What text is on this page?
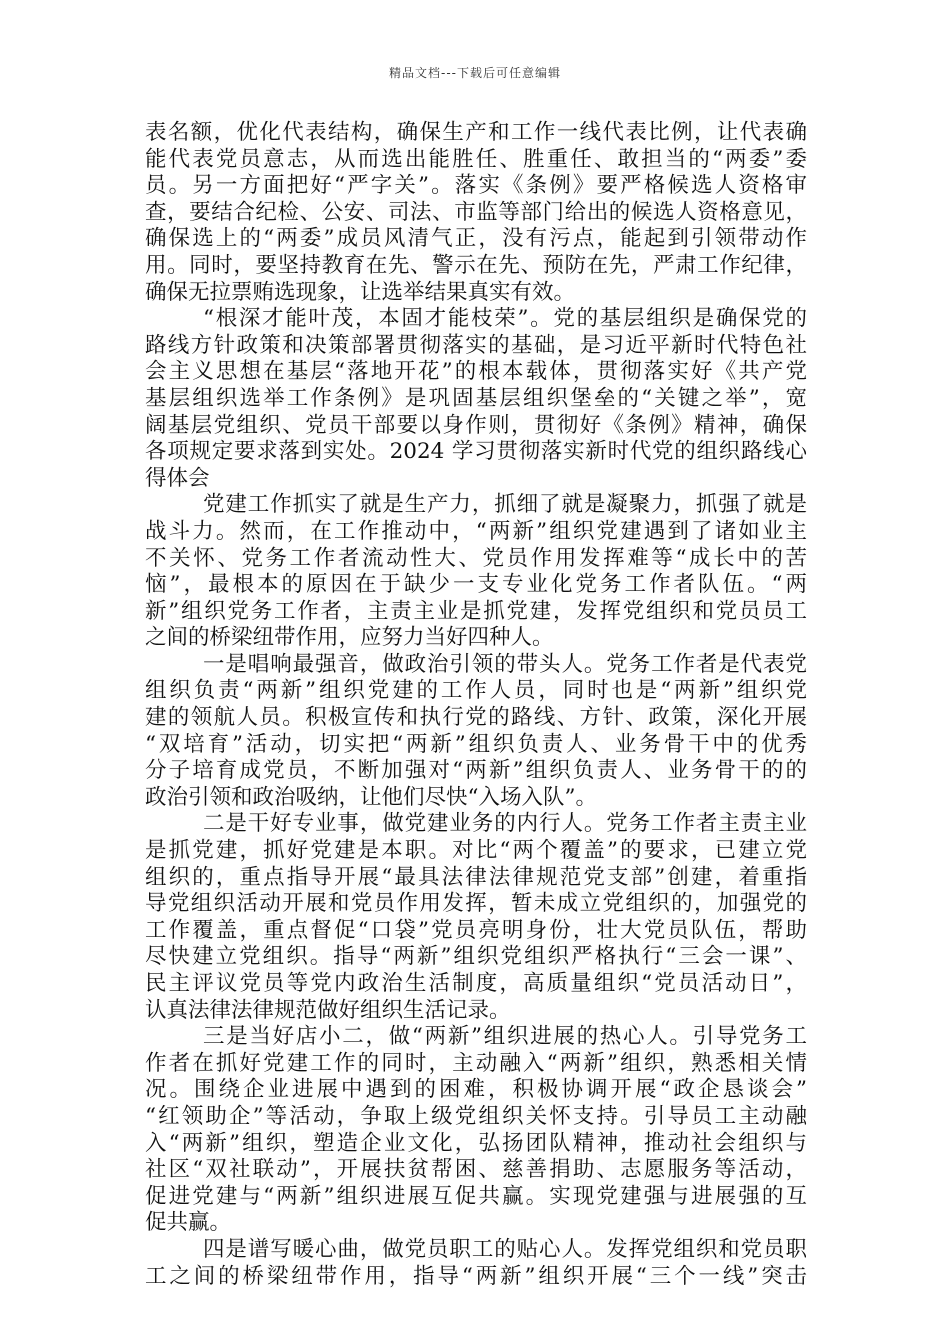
精品文档---下载后可任意编辑
表名额，优化代表结构，确保生产和工作一线代表比例，让代表确
能代表党员意志，从而选出能胜任、胜重任、敢担当的“两委”委
员。另一方面把好“严字关”。落实《条例》要严格候选人资格审
查，要结合纪检、公安、司法、市监等部门给出的候选人资格意见，
确保选上的“两委”成员风清气正，没有污点，能起到引领带动作
用。同时，要坚持教育在先、警示在先、预防在先，严肃工作纪律，
确保无拉票贿选现象，让选举结果真实有效。
“根深才能叶茂，本固才能枝荣”。党的基层组织是确保党的
路线方针政策和决策部署贯彻落实的基础，是习近平新时代特色社
会主义思想在基层“落地开花”的根本载体，贯彻落实好《共产党
基层组织选举工作条例》是巩固基层组织堡垒的“关键之举”，宽
阔基层党组织、党员干部要以身作则，贯彻好《条例》精神，确保
各项规定要求落到实处。2024 学习贯彻落实新时代党的组织路线心
得体会
党建工作抓实了就是生产力，抓细了就是凝聚力，抓强了就是
战斗力。然而，在工作推动中，“两新”组织党建遇到了诸如业主
不关怀、党务工作者流动性大、党员作用发挥难等“成长中的苦
恼”，最根本的原因在于缺少一支专业化党务工作者队伍。“两
新”组织党务工作者，主责主业是抓党建，发挥党组织和党员员工
之间的桥梁纽带作用，应努力当好四种人。
一是唱响最强音，做政治引领的带头人。党务工作者是代表党
组织负责“两新”组织党建的工作人员，同时也是“两新”组织党
建的领航人员。积极宣传和执行党的路线、方针、政策，深化开展
“双培育”活动，切实把“两新”组织负责人、业务骨干中的优秀
分子培育成党员，不断加强对“两新”组织负责人、业务骨干的的
政治引领和政治吸纳，让他们尽快“入场入队”。
二是干好专业事，做党建业务的内行人。党务工作者主责主业
是抓党建，抓好党建是本职。对比“两个覆盖”的要求，已建立党
组织的，重点指导开展“最具法律法律规范党支部”创建，着重指
导党组织活动开展和党员作用发挥，暂未成立党组织的，加强党的
工作覆盖，重点督促“口袋”党员亮明身份，壮大党员队伍，帮助
尽快建立党组织。指导“两新”组织党组织严格执行“三会一课”、
民主评议党员等党内政治生活制度，高质量组织“党员活动日”，
认真法律法律规范做好组织生活记录。
三是当好店小二，做“两新”组织进展的热心人。引导党务工
作者在抓好党建工作的同时，主动融入“两新”组织，熟悉相关情
况。围绕企业进展中遇到的困难，积极协调开展“政企恳谈会”
“红领助企”等活动，争取上级党组织关怀支持。引导员工主动融
入“两新”组织，塑造企业文化，弘扬团队精神，推动社会组织与
社区“双社联动”，开展扶贫帮困、慈善捐助、志愿服务等活动，
促进党建与“两新”组织进展互促共赢。实现党建强与进展强的互
促共赢。
四是谱写暖心曲，做党员职工的贴心人。发挥党组织和党员职
工之间的桥梁纽带作用，指导“两新”组织开展“三个一线”突击
